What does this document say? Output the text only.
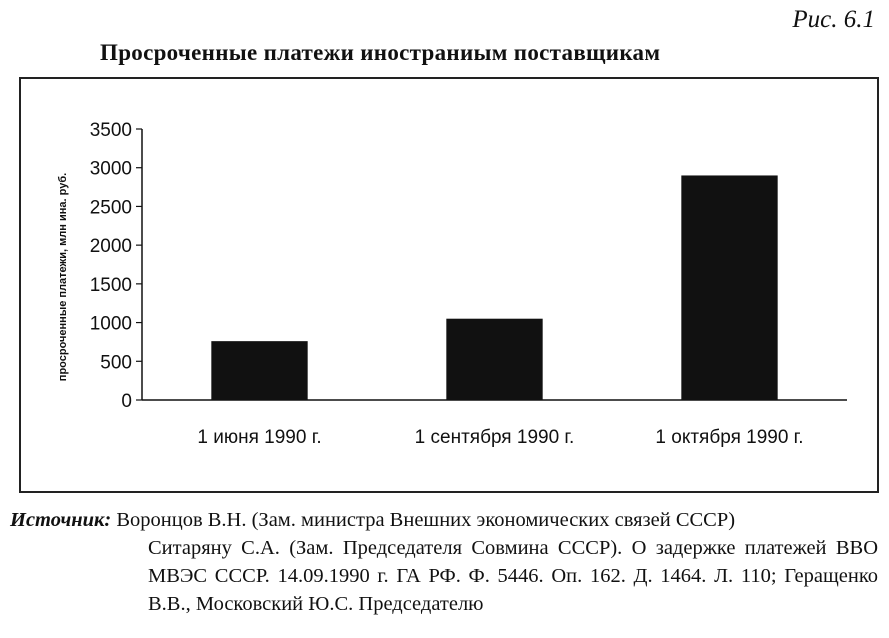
Рис. 6.1
Просроченные платежи иностраниым поставщикам
просроченные платежи, млн ина. руб.
0
500
1000
1500
2000
2500
3000
3500
1 июня 1990 г.	1 сентября 1990 г.	1 октября 1990 г.
Источник: Воронцов В.Н. (Зам. министра Внешних экономических связей СССР)
Ситаряну С.А. (Зам. Председателя Совмина СССР). О задержке платежей ВВО МВЭС СССР. 14.09.1990 г. ГА РФ. Ф. 5446. Оп. 162. Д. 1464. Л. 110; Геращенко В.В., Московский Ю.С. Председателю
